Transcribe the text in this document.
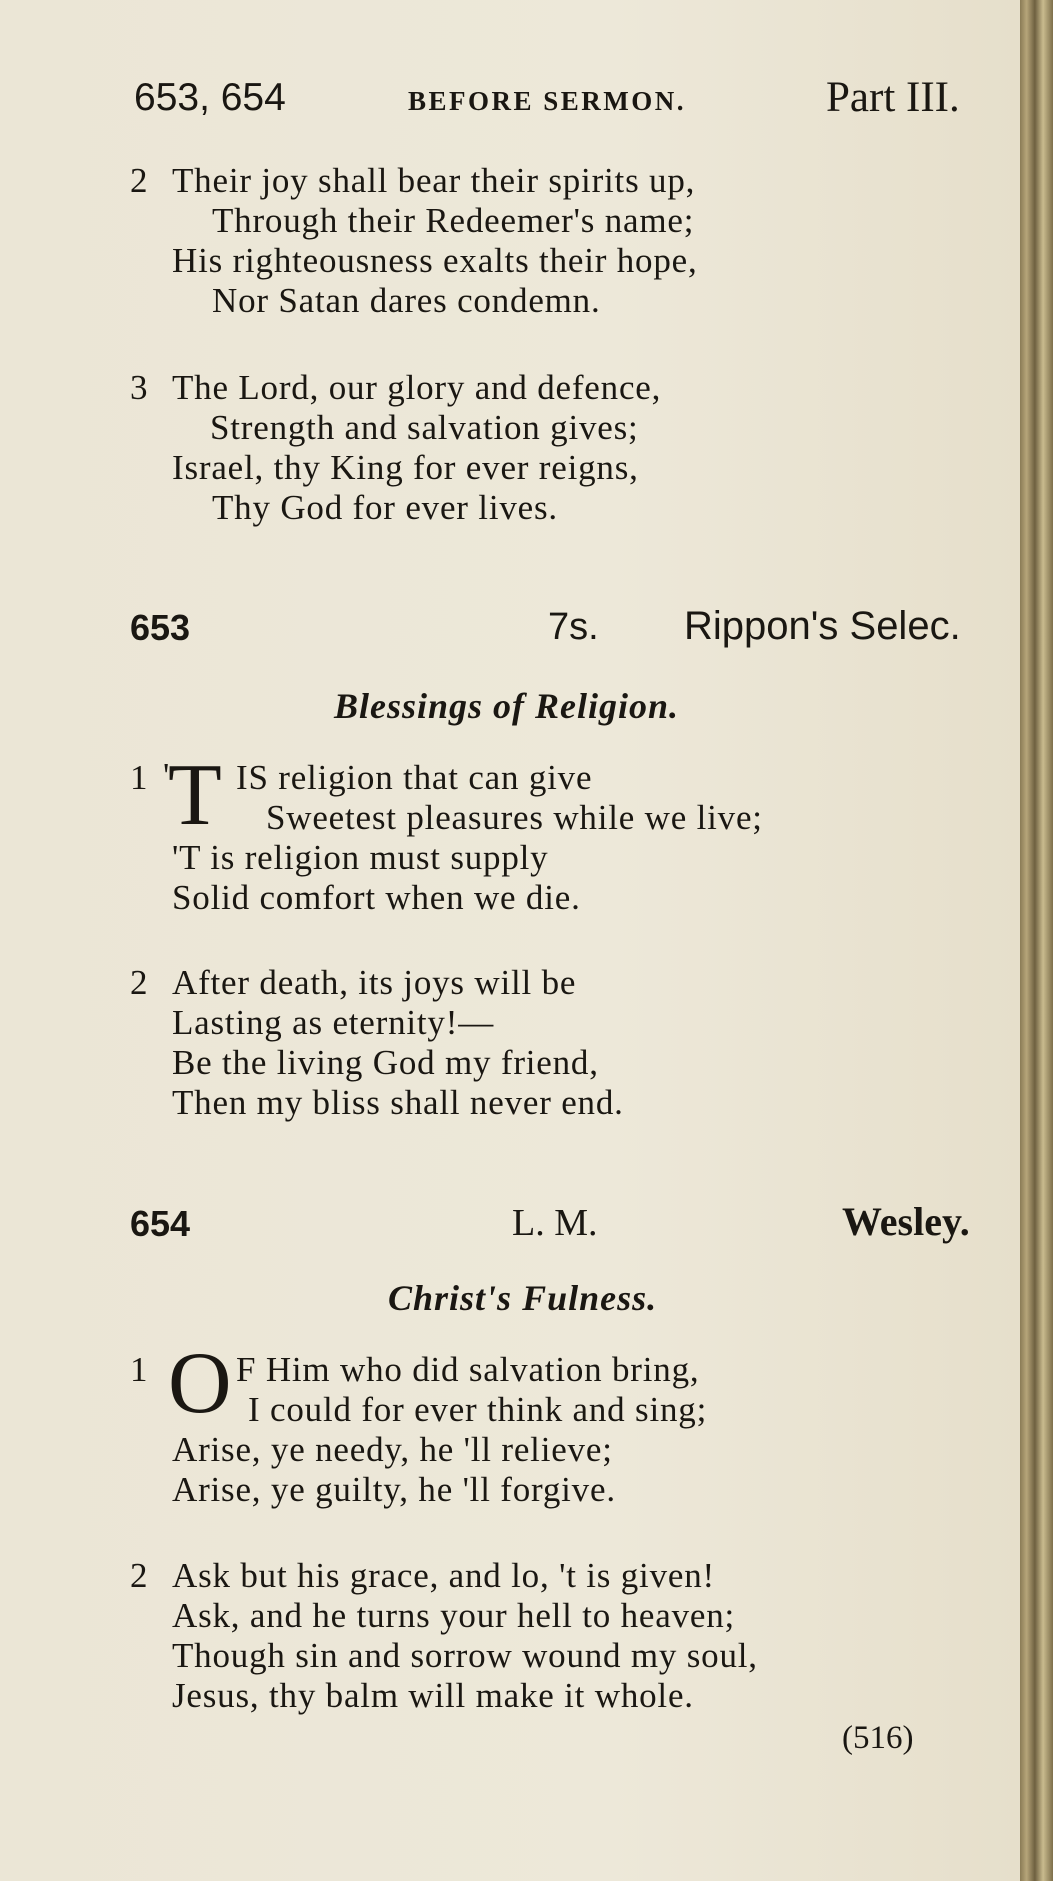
653, 654	BEFORE SERMON.	Part III.
2 Their joy shall bear their spirits up,
Through their Redeemer's name;
His righteousness exalts their hope,
Nor Satan dares condemn.
3 The Lord, our glory and defence,
Strength and salvation gives;
Israel, thy King for ever reigns,
Thy God for ever lives.
653	7s. Rippon's Selec.
Blessings of Religion.
1 '
T IS religion that can give
Sweetest pleasures while we live;
'T is religion must supply
Solid comfort when we die.
2 After death, its joys will be
Lasting as eternity!—
Be the living God my friend,
Then my bliss shall never end.
654	L. M.	Wesley.
Christ's Fulness.
1 O F Him who did salvation bring,
I could for ever think and sing;
Arise, ye needy, he 'll relieve;
Arise, ye guilty, he 'll forgive.
2 Ask but his grace, and lo, 't is given!
Ask, and he turns your hell to heaven;
Though sin and sorrow wound my soul,
Jesus, thy balm will make it whole.
(516)
